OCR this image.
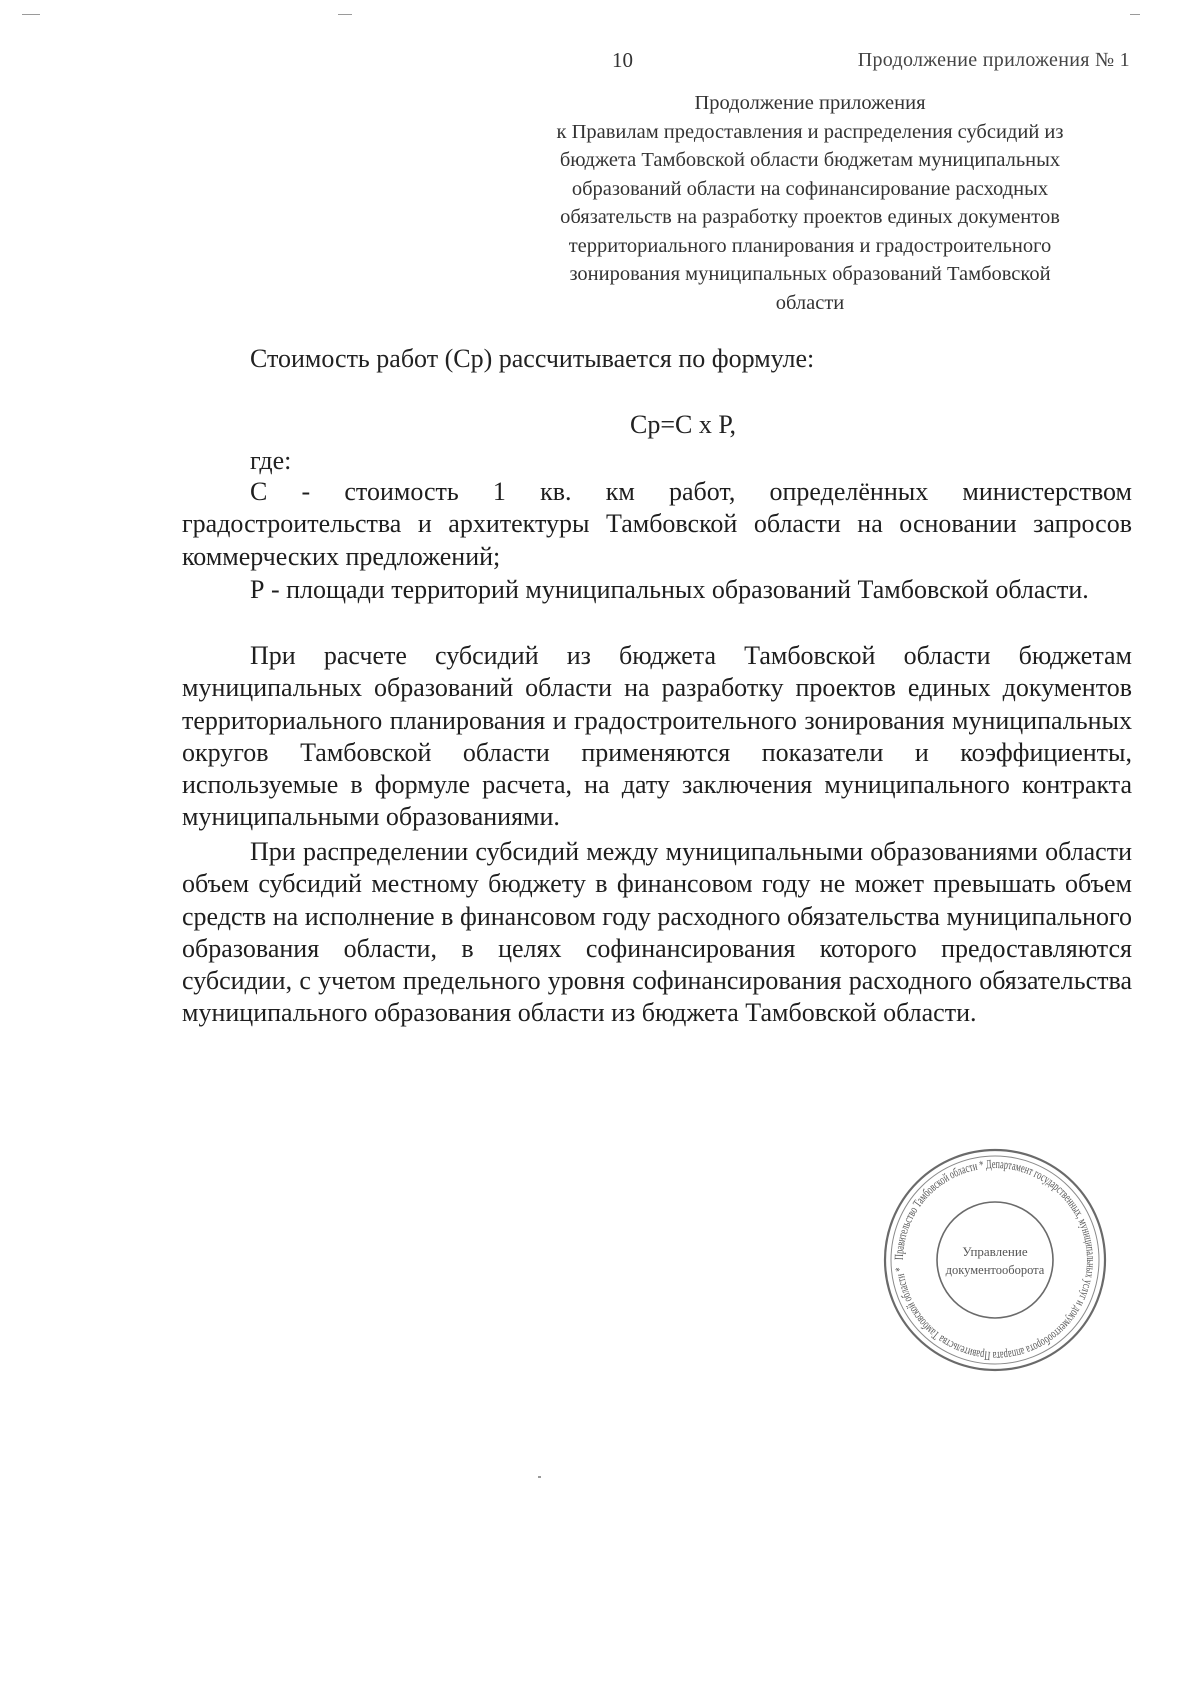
10	Продолжение приложения № 1
Продолжение приложения
к Правилам предоставления и распределения субсидий из
бюджета Тамбовской области бюджетам муниципальных
образований области на софинансирование расходных
обязательств на разработку проектов единых документов
территориального планирования и градостроительного
зонирования муниципальных образований Тамбовской
области
Стоимость работ (Ср) рассчитывается по формуле:
Ср=С х Р,
где:

С - стоимость 1 кв. км работ, определённых министерством градостроительства и архитектуры Тамбовской области на основании запросов коммерческих предложений;

Р - площади территорий муниципальных образований Тамбовской области.

При расчете субсидий из бюджета Тамбовской области бюджетам муниципальных образований области на разработку проектов единых документов территориального планирования и градостроительного зонирования муниципальных округов Тамбовской области применяются показатели и коэффициенты, используемые в формуле расчета, на дату заключения муниципального контракта муниципальными образованиями.

При распределении субсидий между муниципальными образованиями области объем субсидий местному бюджету в финансовом году не может превышать объем средств на исполнение в финансовом году расходного обязательства муниципального образования области, в целях софинансирования которого предоставляются субсидии, с учетом предельного уровня софинансирования расходного обязательства муниципального образования области из бюджета Тамбовской области.

Правительство Тамбовской области * Департамент государственных, муниципальных услуг и документооборота аппарата Правительства Тамбовской области *
Управление
документооборота
